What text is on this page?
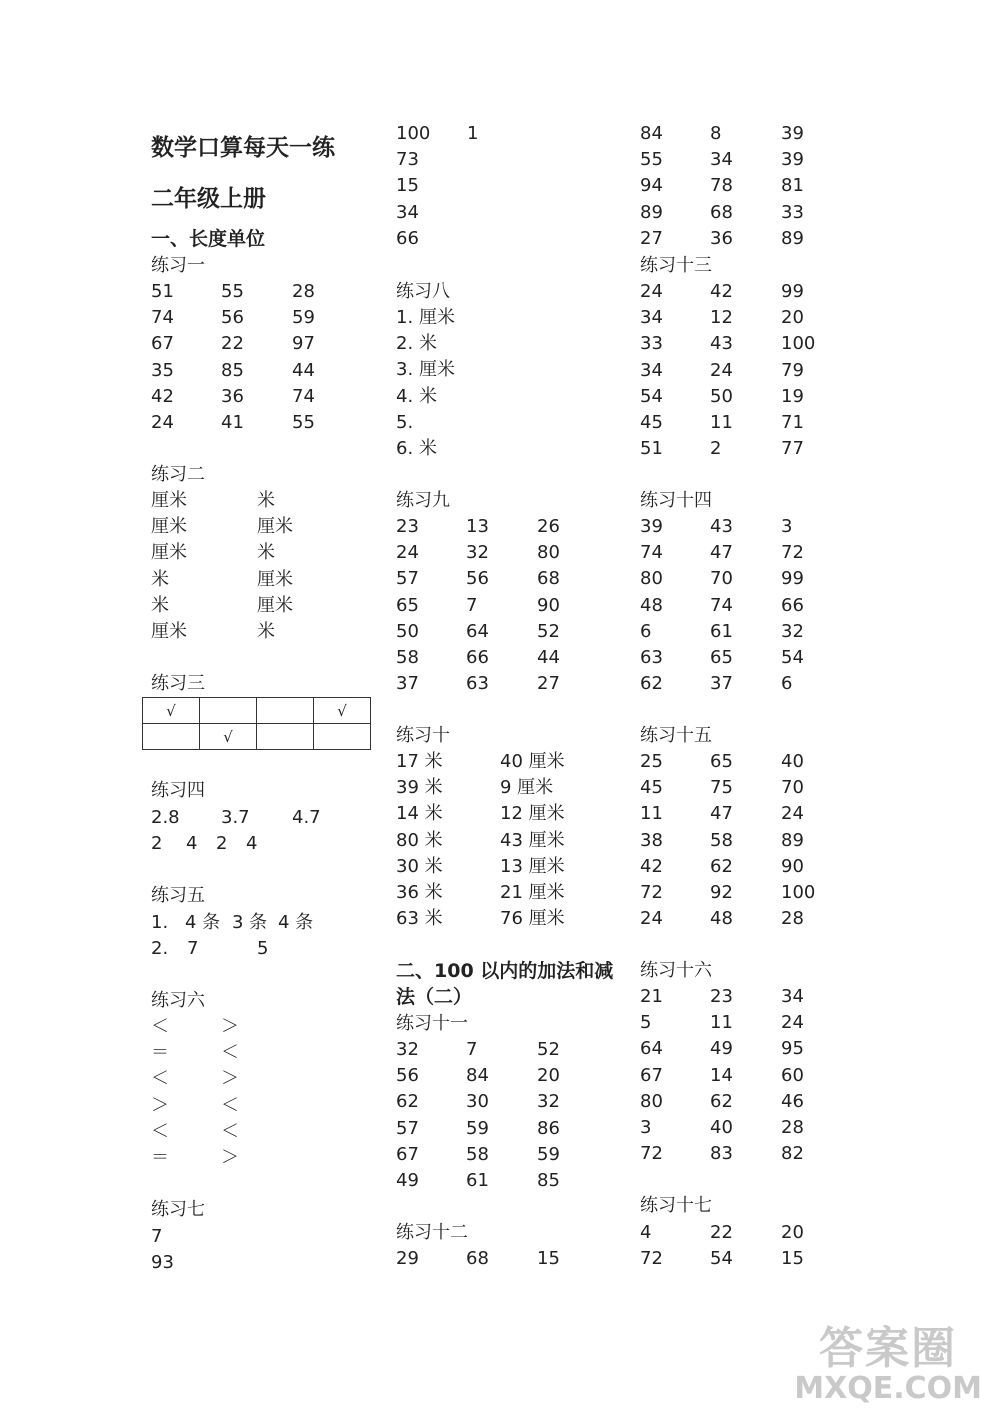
数学口算每天一练
二年级上册
一、长度单位
练习一
练习二
练习三
√			√
	√		
练习四
2.8 3.7 4.7
2 4 2 4
练习五
1. 4 条 3 条 4 条
2. 7	5
练习六
练习七
7
93
练习八
练习九
练习十
二、100 以内的加法和减
法（二）
练习十一
练习十二
练习十三
练习十四
练习十五
练习十六
练习十七
答案圈
MXQE.COM
51	55	28
74	56	59
67	22	97
35	85	44
42	36	74
24	41	55
厘米	米
厘米	厘米
厘米	米
米	厘米
米	厘米
厘米	米
＜	＞
＝	＜
＜	＞
＞	＜
＜	＜
＝	＞
100 1
73
15
34
66
1. 厘米
2. 米
3. 厘米
4. 米
5.
6. 米
23	13	26
24	32	80
57	56	68
65	7	90
50	64	52
58	66	44
37	63	27
17 米	40 厘米
39 米	9 厘米
14 米	12 厘米
80 米	43 厘米
30 米	13 厘米
36 米	21 厘米
63 米	76 厘米
32	7	52
56	84	20
62	30	32
57	59	86
67	58	59
49	61	85
29	68	15
84	8	39
55	34	39
94	78	81
89	68	33
27	36	89
24	42	99
34	12	20
33	43	100
34	24	79
54	50	19
45	11	71
51	2	77
39	43	3
74	47	72
80	70	99
48	74	66
6	61	32
63	65	54
62	37	6
25	65	40
45	75	70
11	47	24
38	58	89
42	62	90
72	92	100
24	48	28
21	23	34
5	11	24
64	49	95
67	14	60
80	62	46
3	40	28
72	83	82
4	22	20
72	54	15
